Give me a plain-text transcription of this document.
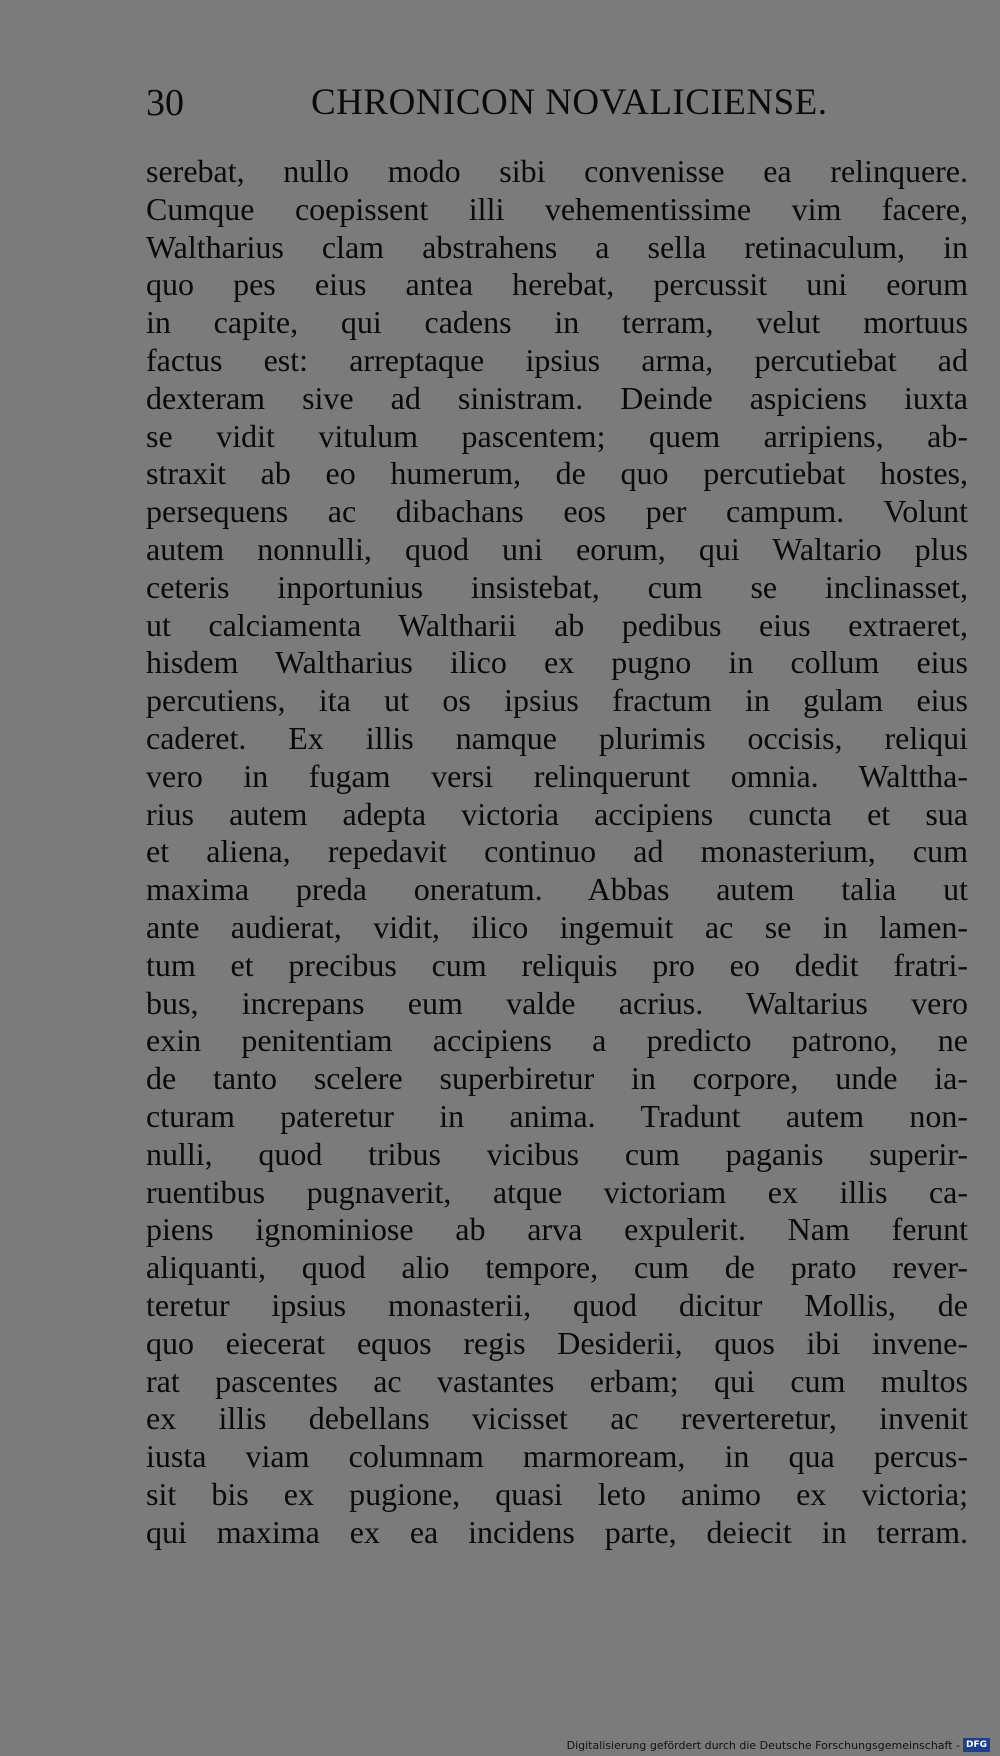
30	CHRONICON NOVALICIENSE.
serebat, nullo modo sibi convenisse ea relinquere.
Cumque coepissent illi vehementissime vim facere,
Waltharius clam abstrahens a sella retinaculum, in
quo pes eius antea herebat, percussit uni eorum
in capite, qui cadens in terram, velut mortuus
factus est: arreptaque ipsius arma, percutiebat ad
dexteram sive ad sinistram. Deinde aspiciens iuxta
se vidit vitulum pascentem; quem arripiens, ab-
straxit ab eo humerum, de quo percutiebat hostes,
persequens ac dibachans eos per campum. Volunt
autem nonnulli, quod uni eorum, qui Waltario plus
ceteris inportunius insistebat, cum se inclinasset,
ut calciamenta Waltharii ab pedibus eius extraeret,
hisdem Waltharius ilico ex pugno in collum eius
percutiens, ita ut os ipsius fractum in gulam eius
caderet. Ex illis namque plurimis occisis, reliqui
vero in fugam versi relinquerunt omnia. Walttha-
rius autem adepta victoria accipiens cuncta et sua
et aliena, repedavit continuo ad monasterium, cum
maxima preda oneratum. Abbas autem talia ut
ante audierat, vidit, ilico ingemuit ac se in lamen-
tum et precibus cum reliquis pro eo dedit fratri-
bus, increpans eum valde acrius. Waltarius vero
exin penitentiam accipiens a predicto patrono, ne
de tanto scelere superbiretur in corpore, unde ia-
cturam pateretur in anima. Tradunt autem non-
nulli, quod tribus vicibus cum paganis superir-
ruentibus pugnaverit, atque victoriam ex illis ca-
piens ignominiose ab arva expulerit. Nam ferunt
aliquanti, quod alio tempore, cum de prato rever-
teretur ipsius monasterii, quod dicitur Mollis, de
quo eiecerat equos regis Desiderii, quos ibi invene-
rat pascentes ac vastantes erbam; qui cum multos
ex illis debellans vicisset ac reverteretur, invenit
iusta viam columnam marmoream, in qua percus-
sit bis ex pugione, quasi leto animo ex victoria;
qui maxima ex ea incidens parte, deiecit in terram.
Digitalisierung gefördert durch die Deutsche Forschungsgemeinschaft - DFG
